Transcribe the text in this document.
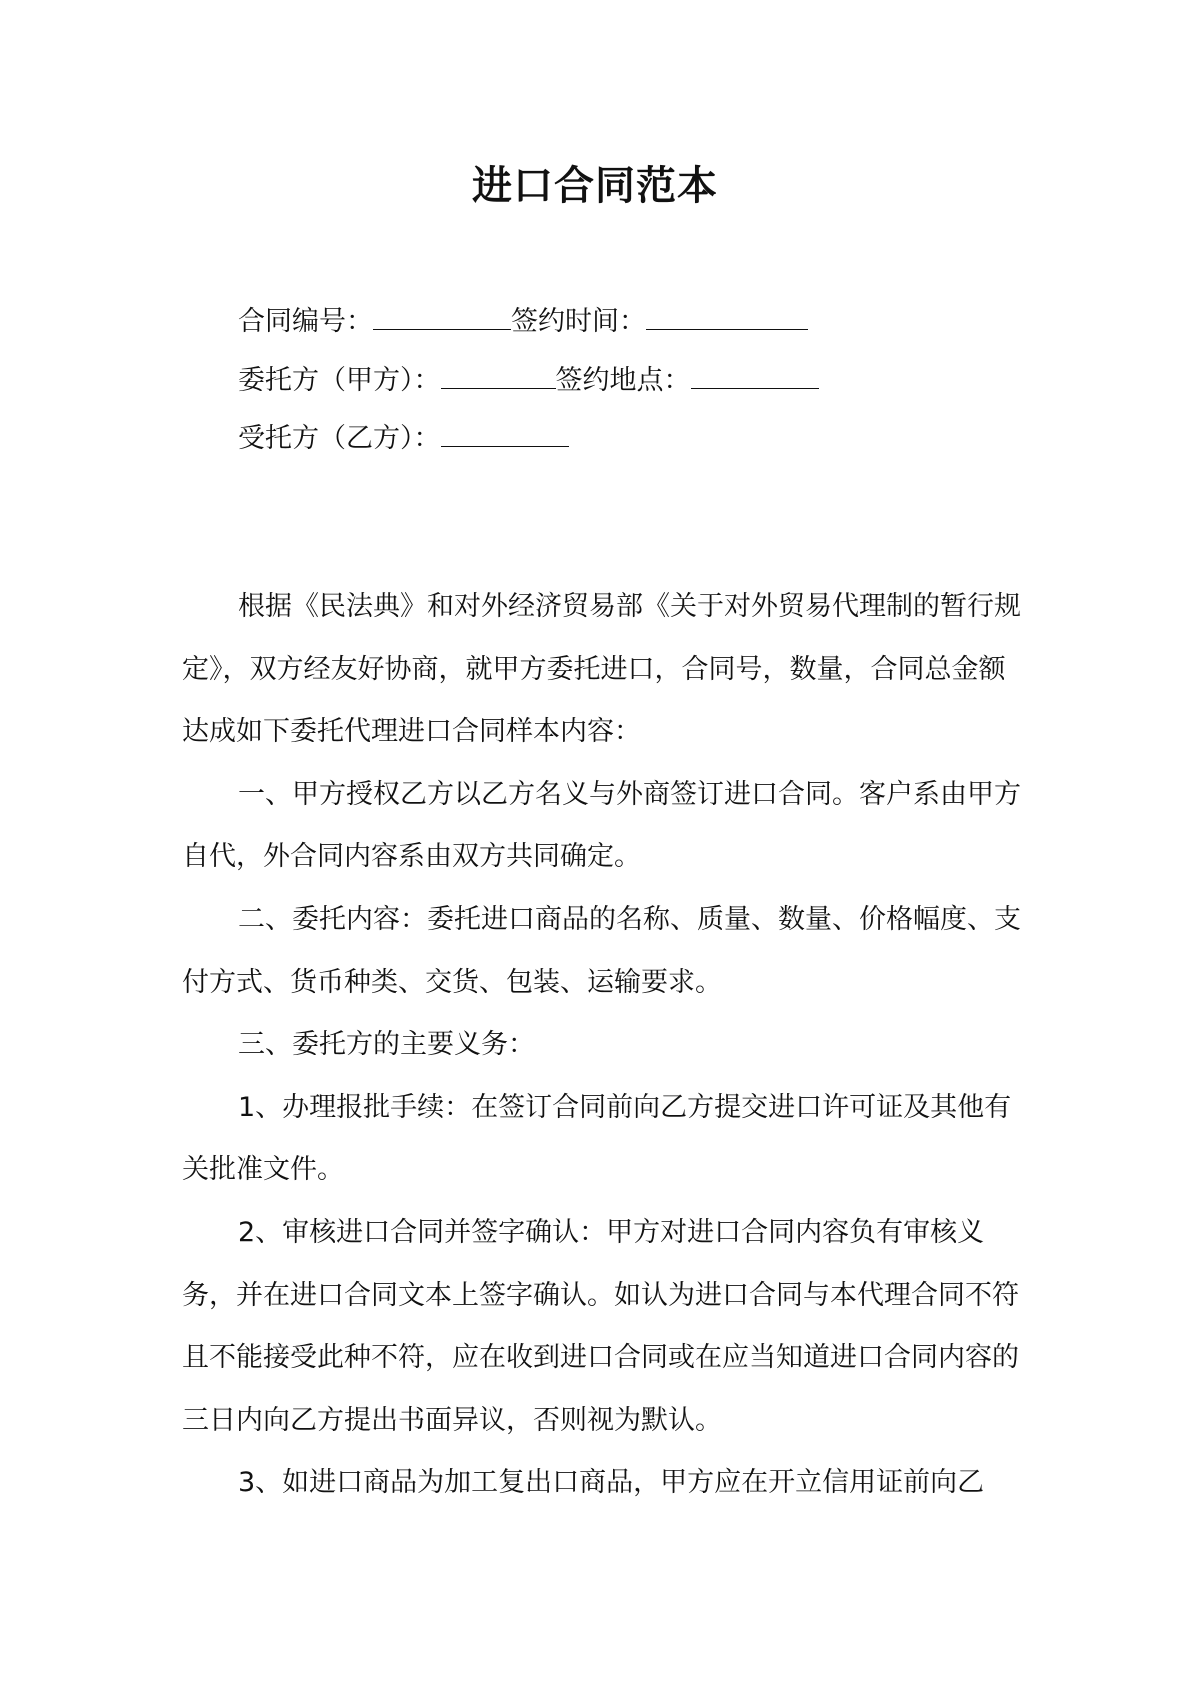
进口合同范本
合同编号：	签约时间：
委托方（甲方）：	签约地点：
受托方（乙方）：

根据《民法典》和对外经济贸易部《关于对外贸易代理制的暂行规定》，双方经友好协商，就甲方委托进口，合同号，数量，合同总金额达成如下委托代理进口合同样本内容：

一、甲方授权乙方以乙方名义与外商签订进口合同。客户系由甲方自代，外合同内容系由双方共同确定。

二、委托内容：委托进口商品的名称、质量、数量、价格幅度、支付方式、货币种类、交货、包装、运输要求。

三、委托方的主要义务：

1、办理报批手续：在签订合同前向乙方提交进口许可证及其他有关批准文件。

2、审核进口合同并签字确认：甲方对进口合同内容负有审核义务，并在进口合同文本上签字确认。如认为进口合同与本代理合同不符且不能接受此种不符，应在收到进口合同或在应当知道进口合同内容的三日内向乙方提出书面异议，否则视为默认。

3、如进口商品为加工复出口商品，甲方应在开立信用证前向乙
